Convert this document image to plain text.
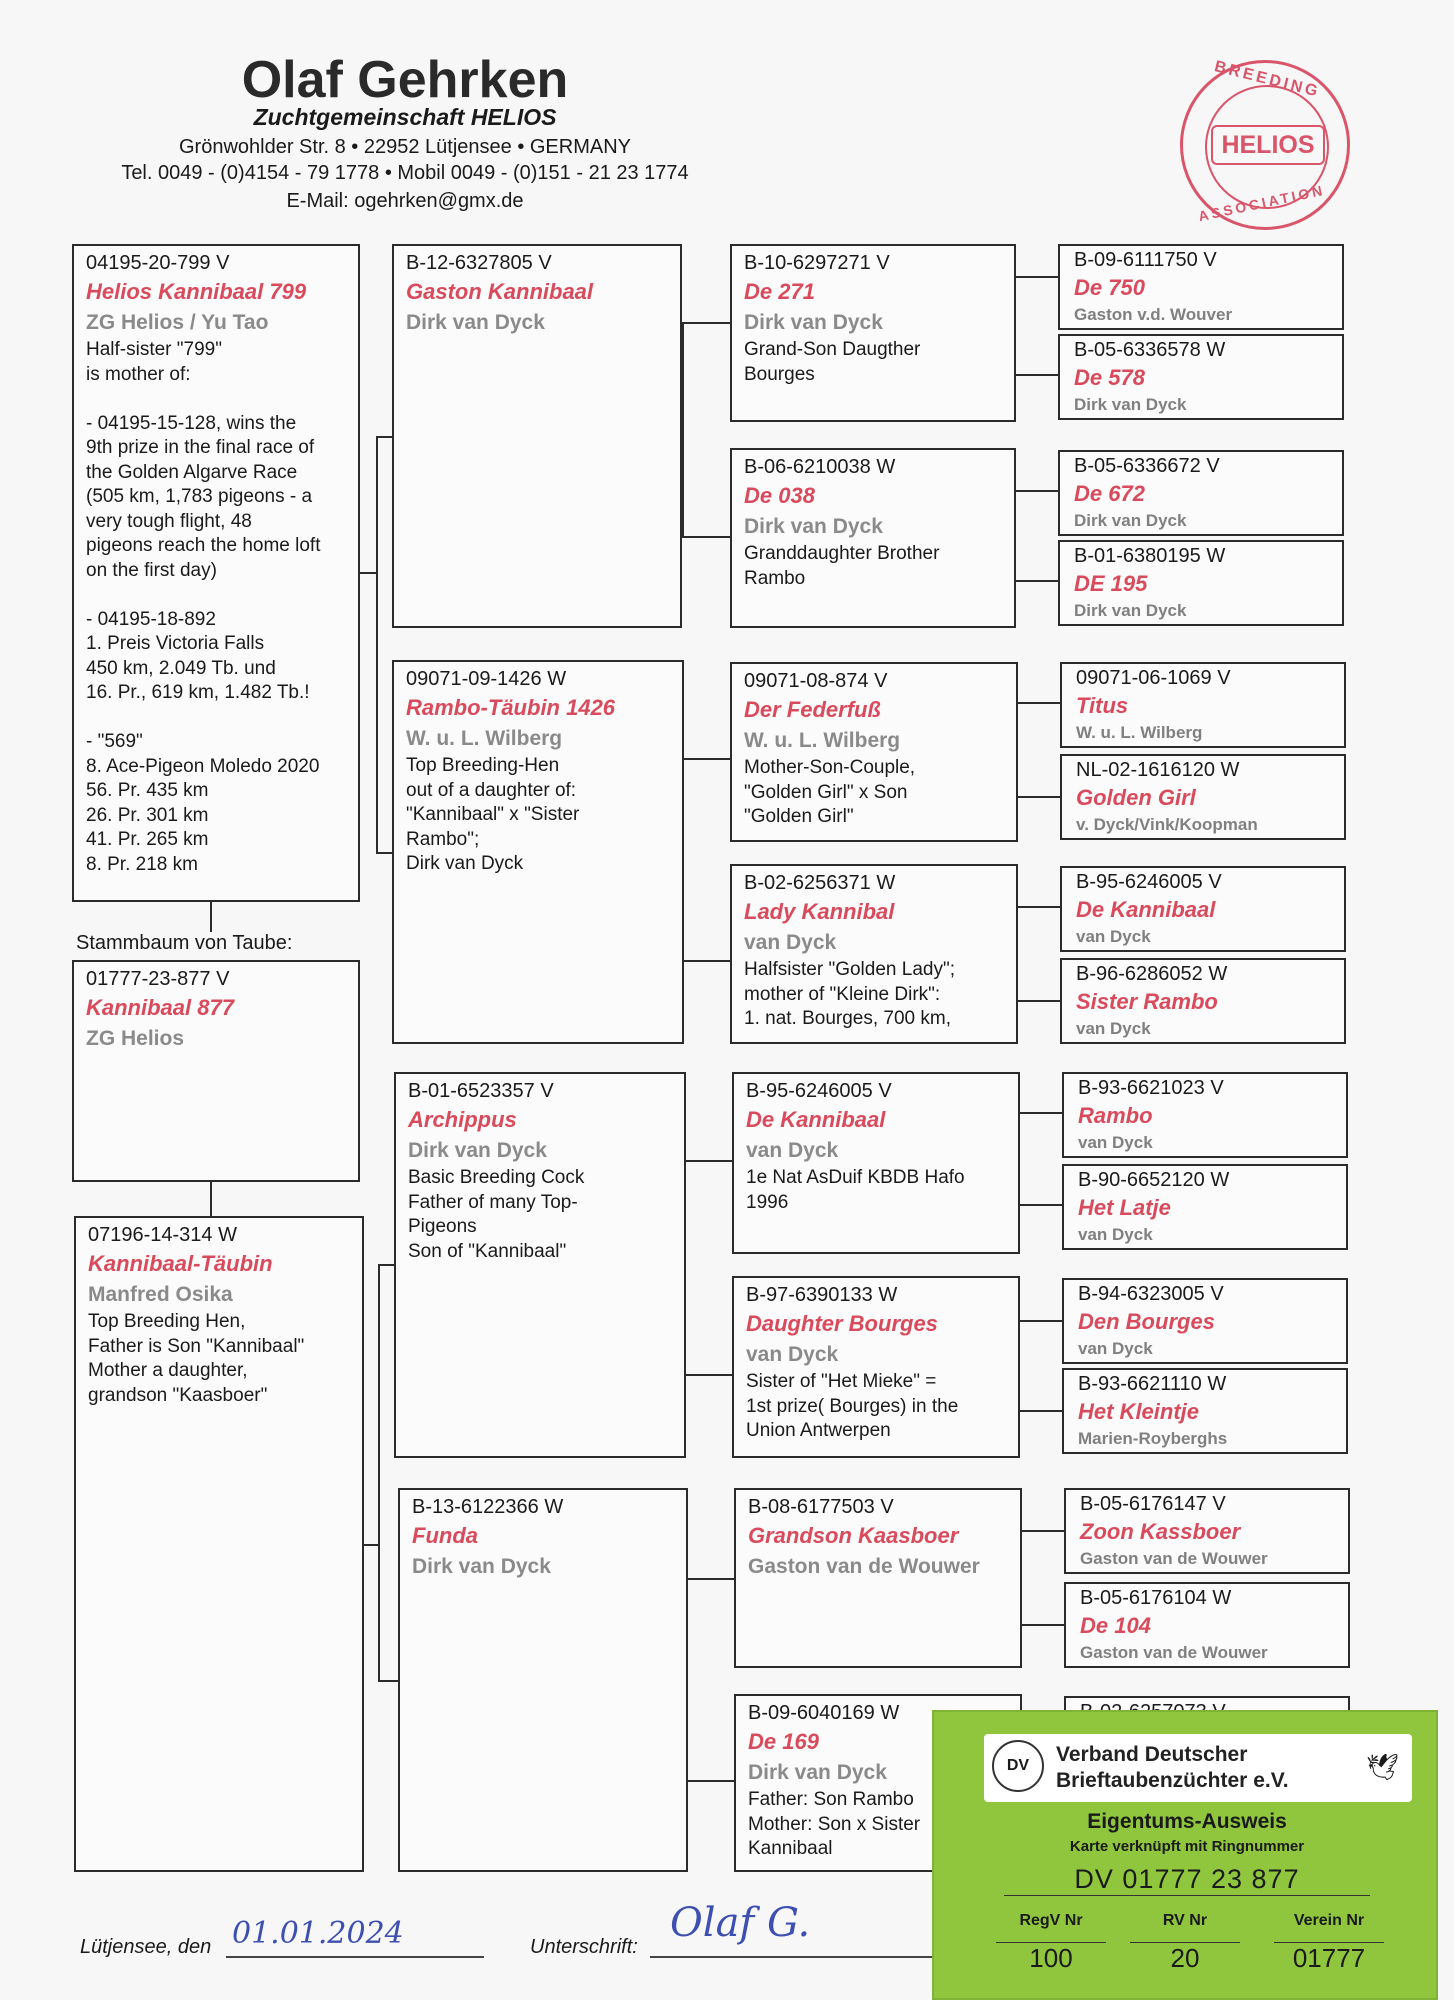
Olaf Gehrken
Zuchtgemeinschaft HELIOS
Grönwohlder Str. 8 • 22952 Lütjensee • GERMANY
Tel. 0049 - (0)4154 - 79 1778 • Mobil 0049 - (0)151 - 21 23 1774
E-Mail: ogehrken@gmx.de
BREEDING
HELIOS
ASSOCIATION
04195-20-799 V
Helios Kannibaal 799
ZG Helios / Yu Tao
Half-sister "799"
is mother of:

- 04195-15-128, wins the
9th prize in the final race of
the Golden Algarve Race
(505 km, 1,783 pigeons - a
very tough flight, 48
pigeons reach the home loft
on the first day)

- 04195-18-892
1. Preis Victoria Falls
450 km, 2.049 Tb. und
16. Pr., 619 km, 1.482 Tb.!

- "569"
8. Ace-Pigeon Moledo 2020
56. Pr. 435 km
26. Pr. 301 km
41. Pr. 265 km
8. Pr. 218 km
Stammbaum von Taube:
01777-23-877 V
Kannibaal 877
ZG Helios
07196-14-314 W
Kannibaal-Täubin
Manfred Osika
Top Breeding Hen,
Father is Son "Kannibaal"
Mother a daughter,
grandson "Kaasboer"
B-12-6327805 V
Gaston Kannibaal
Dirk van Dyck
09071-09-1426 W
Rambo-Täubin 1426
W. u. L. Wilberg
Top Breeding-Hen
out of a daughter of:
"Kannibaal" x "Sister
Rambo";
Dirk van Dyck
B-01-6523357 V
Archippus
Dirk van Dyck
Basic Breeding Cock
Father of many Top-
Pigeons
Son of "Kannibaal"
B-13-6122366 W
Funda
Dirk van Dyck
B-10-6297271 V
De 271
Dirk van Dyck
Grand-Son Daugther
Bourges
B-06-6210038 W
De 038
Dirk van Dyck
Granddaughter Brother
Rambo
09071-08-874 V
Der Federfuß
W. u. L. Wilberg
Mother-Son-Couple,
"Golden Girl" x Son
"Golden Girl"
B-02-6256371 W
Lady Kannibal
van Dyck
Halfsister "Golden Lady";
mother of "Kleine Dirk":
1. nat. Bourges, 700 km,
B-95-6246005 V
De Kannibaal
van Dyck
1e Nat AsDuif KBDB Hafo
1996
B-97-6390133 W
Daughter Bourges
van Dyck
Sister of "Het Mieke" =
1st prize( Bourges) in the
Union Antwerpen
B-08-6177503 V
Grandson Kaasboer
Gaston van de Wouwer
B-09-6040169 W
De 169
Dirk van Dyck
Father: Son Rambo
Mother: Son x Sister
Kannibaal
B-09-6111750 V
De 750
Gaston v.d. Wouver
B-05-6336578 W
De 578
Dirk van Dyck
B-05-6336672 V
De 672
Dirk van Dyck
B-01-6380195 W
DE 195
Dirk van Dyck
09071-06-1069 V
Titus
W. u. L. Wilberg
NL-02-1616120 W
Golden Girl
v. Dyck/Vink/Koopman
B-95-6246005 V
De Kannibaal
van Dyck
B-96-6286052 W
Sister Rambo
van Dyck
B-93-6621023 V
Rambo
van Dyck
B-90-6652120 W
Het Latje
van Dyck
B-94-6323005 V
Den Bourges
van Dyck
B-93-6621110 W
Het Kleintje
Marien-Royberghs
B-05-6176147 V
Zoon Kassboer
Gaston van de Wouwer
B-05-6176104 W
De 104
Gaston van de Wouwer
Lütjensee, den 01.01.2024	Unterschrift:
Olaf G.
DV	Verband Deutscher
Brieftaubenzüchter e.V.	🕊
Eigentums-Ausweis
Karte verknüpft mit Ringnummer
DV 01777 23 877
RegV Nr	RV Nr	Verein Nr
100	20	01777
